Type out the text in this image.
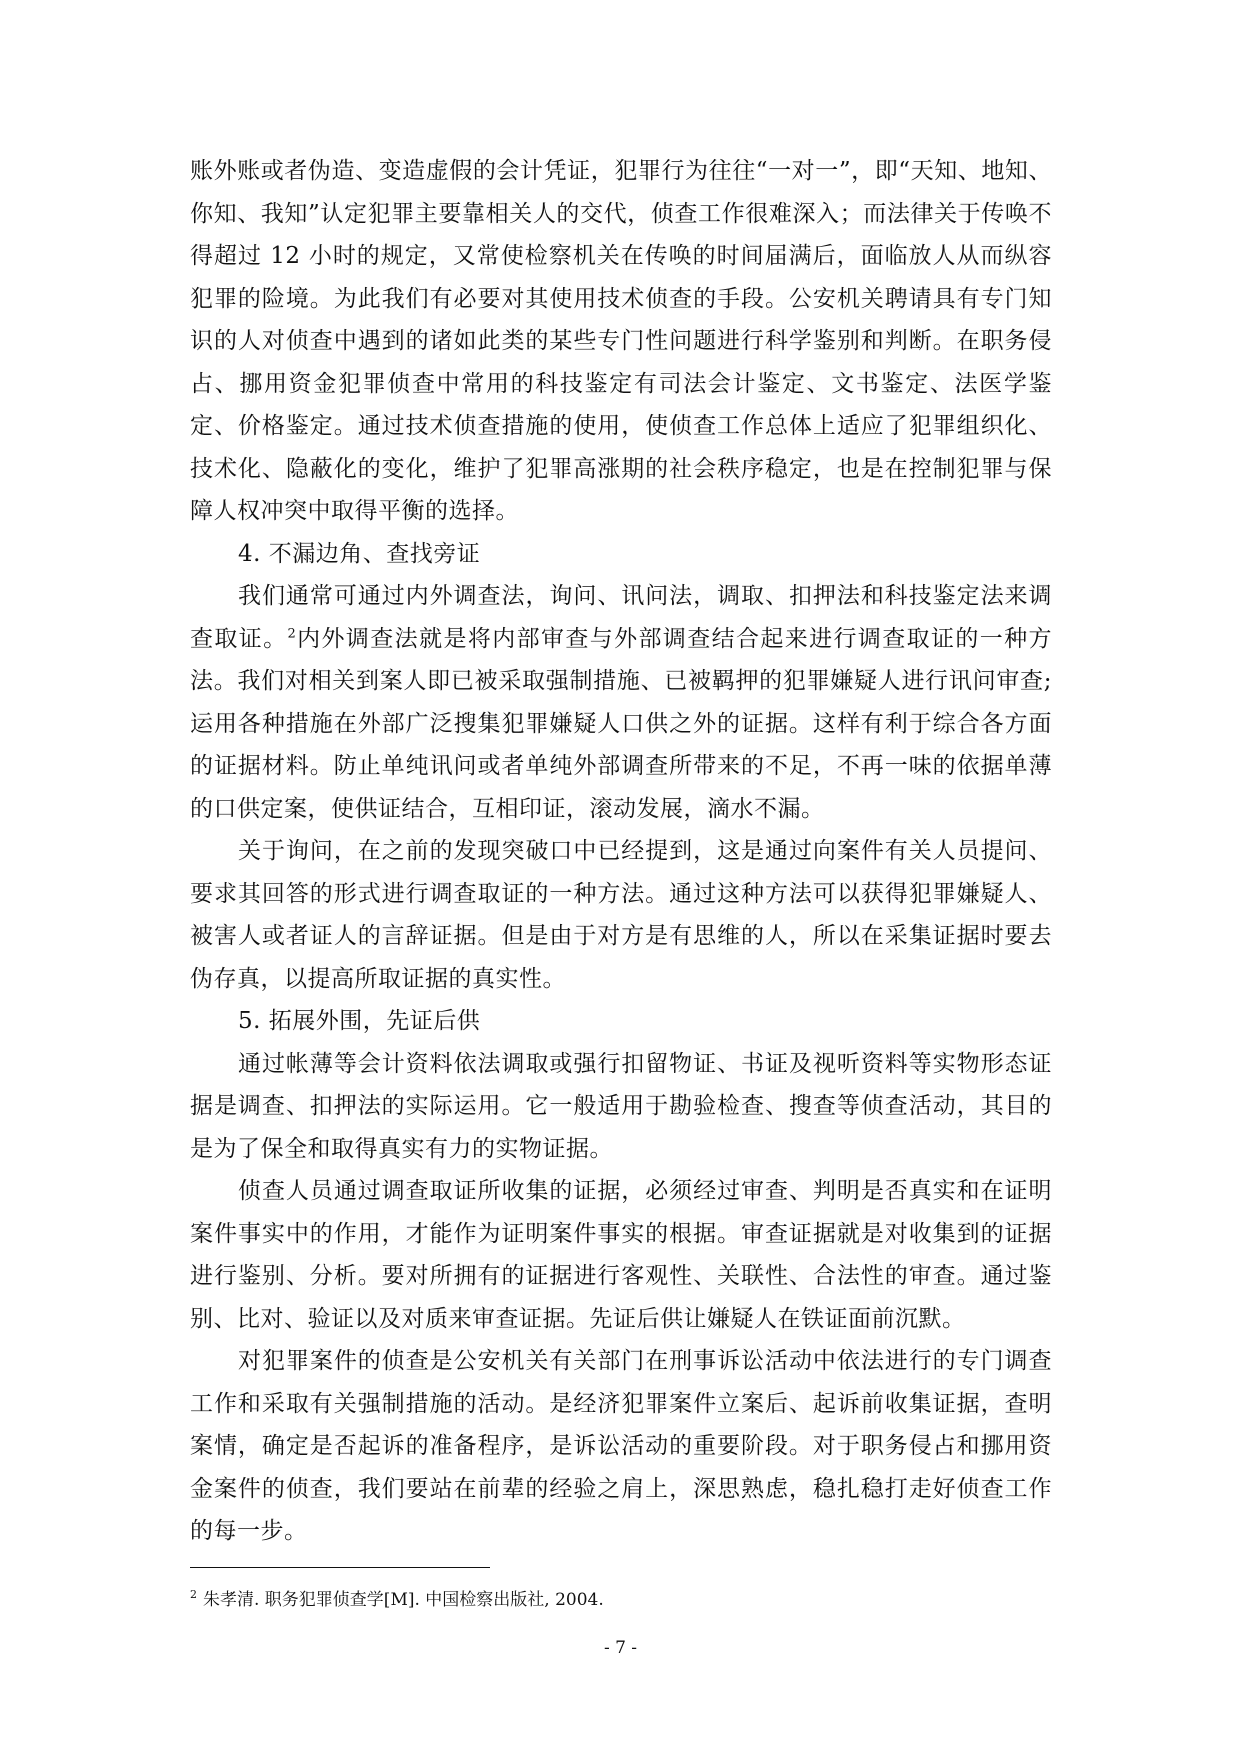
账外账或者伪造、变造虚假的会计凭证，犯罪行为往往“一对一”，即“天知、地知、你知、我知”认定犯罪主要靠相关人的交代，侦查工作很难深入；而法律关于传唤不得超过 12 小时的规定，又常使检察机关在传唤的时间届满后，面临放人从而纵容犯罪的险境。为此我们有必要对其使用技术侦查的手段。公安机关聘请具有专门知识的人对侦查中遇到的诸如此类的某些专门性问题进行科学鉴别和判断。在职务侵占、挪用资金犯罪侦查中常用的科技鉴定有司法会计鉴定、文书鉴定、法医学鉴定、价格鉴定。通过技术侦查措施的使用，使侦查工作总体上适应了犯罪组织化、技术化、隐蔽化的变化，维护了犯罪高涨期的社会秩序稳定，也是在控制犯罪与保障人权冲突中取得平衡的选择。

4. 不漏边角、查找旁证

我们通常可通过内外调查法，询问、讯问法，调取、扣押法和科技鉴定法来调查取证。$^2$内外调查法就是将内部审查与外部调查结合起来进行调查取证的一种方法。我们对相关到案人即已被采取强制措施、已被羁押的犯罪嫌疑人进行讯问审查; 运用各种措施在外部广泛搜集犯罪嫌疑人口供之外的证据。这样有利于综合各方面的证据材料。防止单纯讯问或者单纯外部调查所带来的不足，不再一味的依据单薄的口供定案，使供证结合，互相印证，滚动发展，滴水不漏。

关于询问，在之前的发现突破口中已经提到，这是通过向案件有关人员提问、要求其回答的形式进行调查取证的一种方法。通过这种方法可以获得犯罪嫌疑人、被害人或者证人的言辞证据。但是由于对方是有思维的人，所以在采集证据时要去伪存真，以提高所取证据的真实性。

5. 拓展外围，先证后供

通过帐薄等会计资料依法调取或强行扣留物证、书证及视听资料等实物形态证据是调查、扣押法的实际运用。它一般适用于勘验检查、搜查等侦查活动，其目的是为了保全和取得真实有力的实物证据。

侦查人员通过调查取证所收集的证据，必须经过审查、判明是否真实和在证明案件事实中的作用，才能作为证明案件事实的根据。审查证据就是对收集到的证据进行鉴别、分析。要对所拥有的证据进行客观性、关联性、合法性的审查。通过鉴别、比对、验证以及对质来审查证据。先证后供让嫌疑人在铁证面前沉默。

对犯罪案件的侦查是公安机关有关部门在刑事诉讼活动中依法进行的专门调查工作和采取有关强制措施的活动。是经济犯罪案件立案后、起诉前收集证据，查明案情，确定是否起诉的准备程序，是诉讼活动的重要阶段。对于职务侵占和挪用资金案件的侦查，我们要站在前辈的经验之肩上，深思熟虑，稳扎稳打走好侦查工作的每一步。

$^2$ 朱孝清. 职务犯罪侦查学[M]. 中国检察出版社, 2004.
- 7 -
